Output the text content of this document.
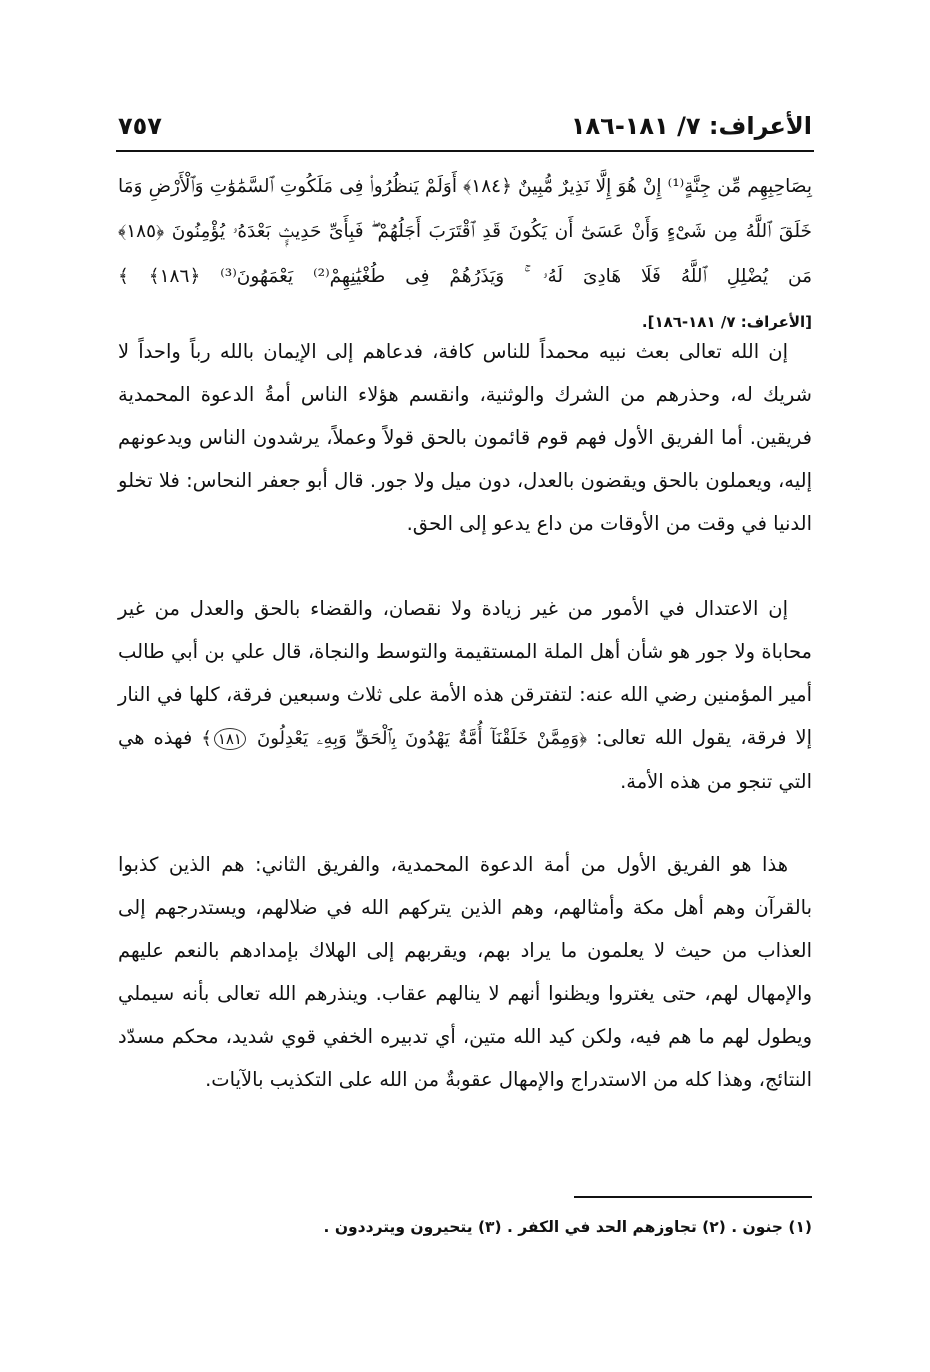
الأعراف: ٧/ ١٨١-١٨٦
٧٥٧
بِصَاحِبِهِم مِّن جِنَّةٍ⁽¹⁾ إِنْ هُوَ إِلَّا نَذِيرٌ مُّبِينٌ ﴿١٨٤﴾ أَوَلَمْ يَنظُرُوا۟ فِى مَلَكُوتِ ٱلسَّمَٰوَٰتِ وَٱلْأَرْضِ وَمَا خَلَقَ ٱللَّهُ مِن شَىْءٍ وَأَنْ عَسَىٰٓ أَن يَكُونَ قَدِ ٱقْتَرَبَ أَجَلُهُمْ ۖ فَبِأَىِّ حَدِيثٍۭ بَعْدَهُۥ يُؤْمِنُونَ ﴿١٨٥﴾ مَن يُضْلِلِ ٱللَّهُ فَلَا هَادِىَ لَهُۥ ۚ وَيَذَرُهُمْ فِى طُغْيَٰنِهِمْ⁽²⁾ يَعْمَهُونَ⁽³⁾ ﴿١٨٦﴾ ﴾ [الأعراف: ٧/ ١٨١-١٨٦].
إن الله تعالى بعث نبيه محمداً للناس كافة، فدعاهم إلى الإيمان بالله رباً واحداً لا شريك له، وحذرهم من الشرك والوثنية، وانقسم هؤلاء الناس أمةُ الدعوة المحمدية فريقين. أما الفريق الأول فهم قوم قائمون بالحق قولاً وعملاً، يرشدون الناس ويدعونهم إليه، ويعملون بالحق ويقضون بالعدل، دون ميل ولا جور. قال أبو جعفر النحاس: فلا تخلو الدنيا في وقت من الأوقات من داع يدعو إلى الحق.
إن الاعتدال في الأمور من غير زيادة ولا نقصان، والقضاء بالحق والعدل من غير محاباة ولا جور هو شأن أهل الملة المستقيمة والتوسط والنجاة، قال علي بن أبي طالب أمير المؤمنين رضي الله عنه: لتفترقن هذه الأمة على ثلاث وسبعين فرقة، كلها في النار إلا فرقة، يقول الله تعالى: ﴿وَمِمَّنْ خَلَقْنَآ أُمَّةٌ يَهْدُونَ بِٱلْحَقِّ وَبِهِۦ يَعْدِلُونَ ١٨١﴾ فهذه هي التي تنجو من هذه الأمة.
هذا هو الفريق الأول من أمة الدعوة المحمدية، والفريق الثاني: هم الذين كذبوا بالقرآن وهم أهل مكة وأمثالهم، وهم الذين يتركهم الله في ضلالهم، ويستدرجهم إلى العذاب من حيث لا يعلمون ما يراد بهم، ويقربهم إلى الهلاك بإمدادهم بالنعم عليهم والإمهال لهم، حتى يغتروا ويظنوا أنهم لا ينالهم عقاب. وينذرهم الله تعالى بأنه سيملي ويطول لهم ما هم فيه، ولكن كيد الله متين، أي تدبيره الخفي قوي شديد، محكم مسدّد النتائج، وهذا كله من الاستدراج والإمهال عقوبةٌ من الله على التكذيب بالآيات.
(١) جنون . (٢) تجاوزهم الحد في الكفر . (٣) يتحيرون ويترددون .
